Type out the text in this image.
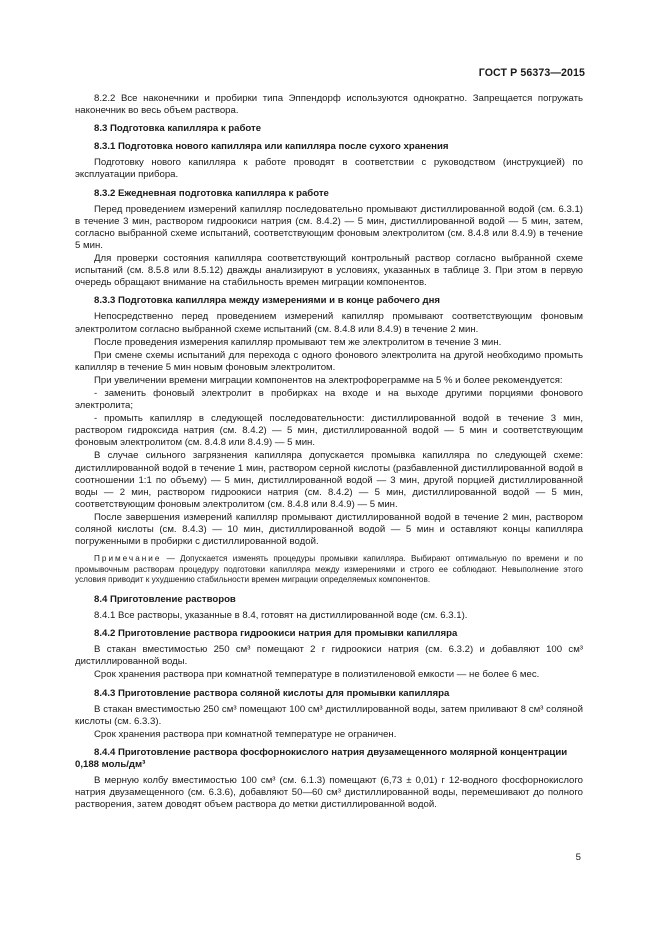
ГОСТ Р 56373—2015

8.2.2 Все наконечники и пробирки типа Эппендорф используются однократно. Запрещается погружать наконечник во весь объем раствора.

8.3 Подготовка капилляра к работе
8.3.1 Подготовка нового капилляра или капилляра после сухого хранения

Подготовку нового капилляра к работе проводят в соответствии с руководством (инструкцией) по эксплуатации прибора.

8.3.2 Ежедневная подготовка капилляра к работе

Перед проведением измерений капилляр последовательно промывают дистиллированной водой (см. 6.3.1) в течение 3 мин, раствором гидроокиси натрия (см. 8.4.2) — 5 мин, дистиллированной водой — 5 мин, затем, согласно выбранной схеме испытаний, соответствующим фоновым электролитом (см. 8.4.8 или 8.4.9) в течение 5 мин.

Для проверки состояния капилляра соответствующий контрольный раствор согласно выбранной схеме испытаний (см. 8.5.8 или 8.5.12) дважды анализируют в условиях, указанных в таблице 3. При этом в первую очередь обращают внимание на стабильность времен миграции компонентов.

8.3.3 Подготовка капилляра между измерениями и в конце рабочего дня

Непосредственно перед проведением измерений капилляр промывают соответствующим фоновым электролитом согласно выбранной схеме испытаний (см. 8.4.8 или 8.4.9) в течение 2 мин.

После проведения измерения капилляр промывают тем же электролитом в течение 3 мин.

При смене схемы испытаний для перехода с одного фонового электролита на другой необходимо промыть капилляр в течение 5 мин новым фоновым электролитом.

При увеличении времени миграции компонентов на электрофореграмме на 5 % и более рекомендуется:

- заменить фоновый электролит в пробирках на входе и на выходе другими порциями фонового электролита;

- промыть капилляр в следующей последовательности: дистиллированной водой в течение 3 мин, раствором гидроксида натрия (см. 8.4.2) — 5 мин, дистиллированной водой — 5 мин и соответствующим фоновым электролитом (см. 8.4.8 или 8.4.9) — 5 мин.

В случае сильного загрязнения капилляра допускается промывка капилляра по следующей схеме: дистиллированной водой в течение 1 мин, раствором серной кислоты (разбавленной дистиллированной водой в соотношении 1:1 по объему) — 5 мин, дистиллированной водой — 3 мин, другой порцией дистиллированной воды — 2 мин, раствором гидроокиси натрия (см. 8.4.2) — 5 мин, дистиллированной водой — 5 мин, соответствующим фоновым электролитом (см. 8.4.8 или 8.4.9) — 5 мин.

После завершения измерений капилляр промывают дистиллированной водой в течение 2 мин, раствором соляной кислоты (см. 8.4.3) — 10 мин, дистиллированной водой — 5 мин и оставляют концы капилляра погруженными в пробирки с дистиллированной водой.

Примечание — Допускается изменять процедуры промывки капилляра. Выбирают оптимальную по времени и по промывочным растворам процедуру подготовки капилляра между измерениями и строго ее соблюдают. Невыполнение этого условия приводит к ухудшению стабильности времен миграции определяемых компонентов.

8.4 Приготовление растворов

8.4.1 Все растворы, указанные в 8.4, готовят на дистиллированной воде (см. 6.3.1).

8.4.2 Приготовление раствора гидроокиси натрия для промывки капилляра

В стакан вместимостью 250 см³ помещают 2 г гидроокиси натрия (см. 6.3.2) и добавляют 100 см³ дистиллированной воды.

Срок хранения раствора при комнатной температуре в полиэтиленовой емкости — не более 6 мес.

8.4.3 Приготовление раствора соляной кислоты для промывки капилляра

В стакан вместимостью 250 см³ помещают 100 см³ дистиллированной воды, затем приливают 8 см³ соляной кислоты (см. 6.3.3).

Срок хранения раствора при комнатной температуре не ограничен.

8.4.4 Приготовление раствора фосфорнокислого натрия двузамещенного молярной концентрации 0,188 моль/дм³

В мерную колбу вместимостью 100 см³ (см. 6.1.3) помещают (6,73 ± 0,01) г 12-водного фосфорнокислого натрия двузамещенного (см. 6.3.6), добавляют 50—60 см³ дистиллированной воды, перемешивают до полного растворения, затем доводят объем раствора до метки дистиллированной водой.

5
